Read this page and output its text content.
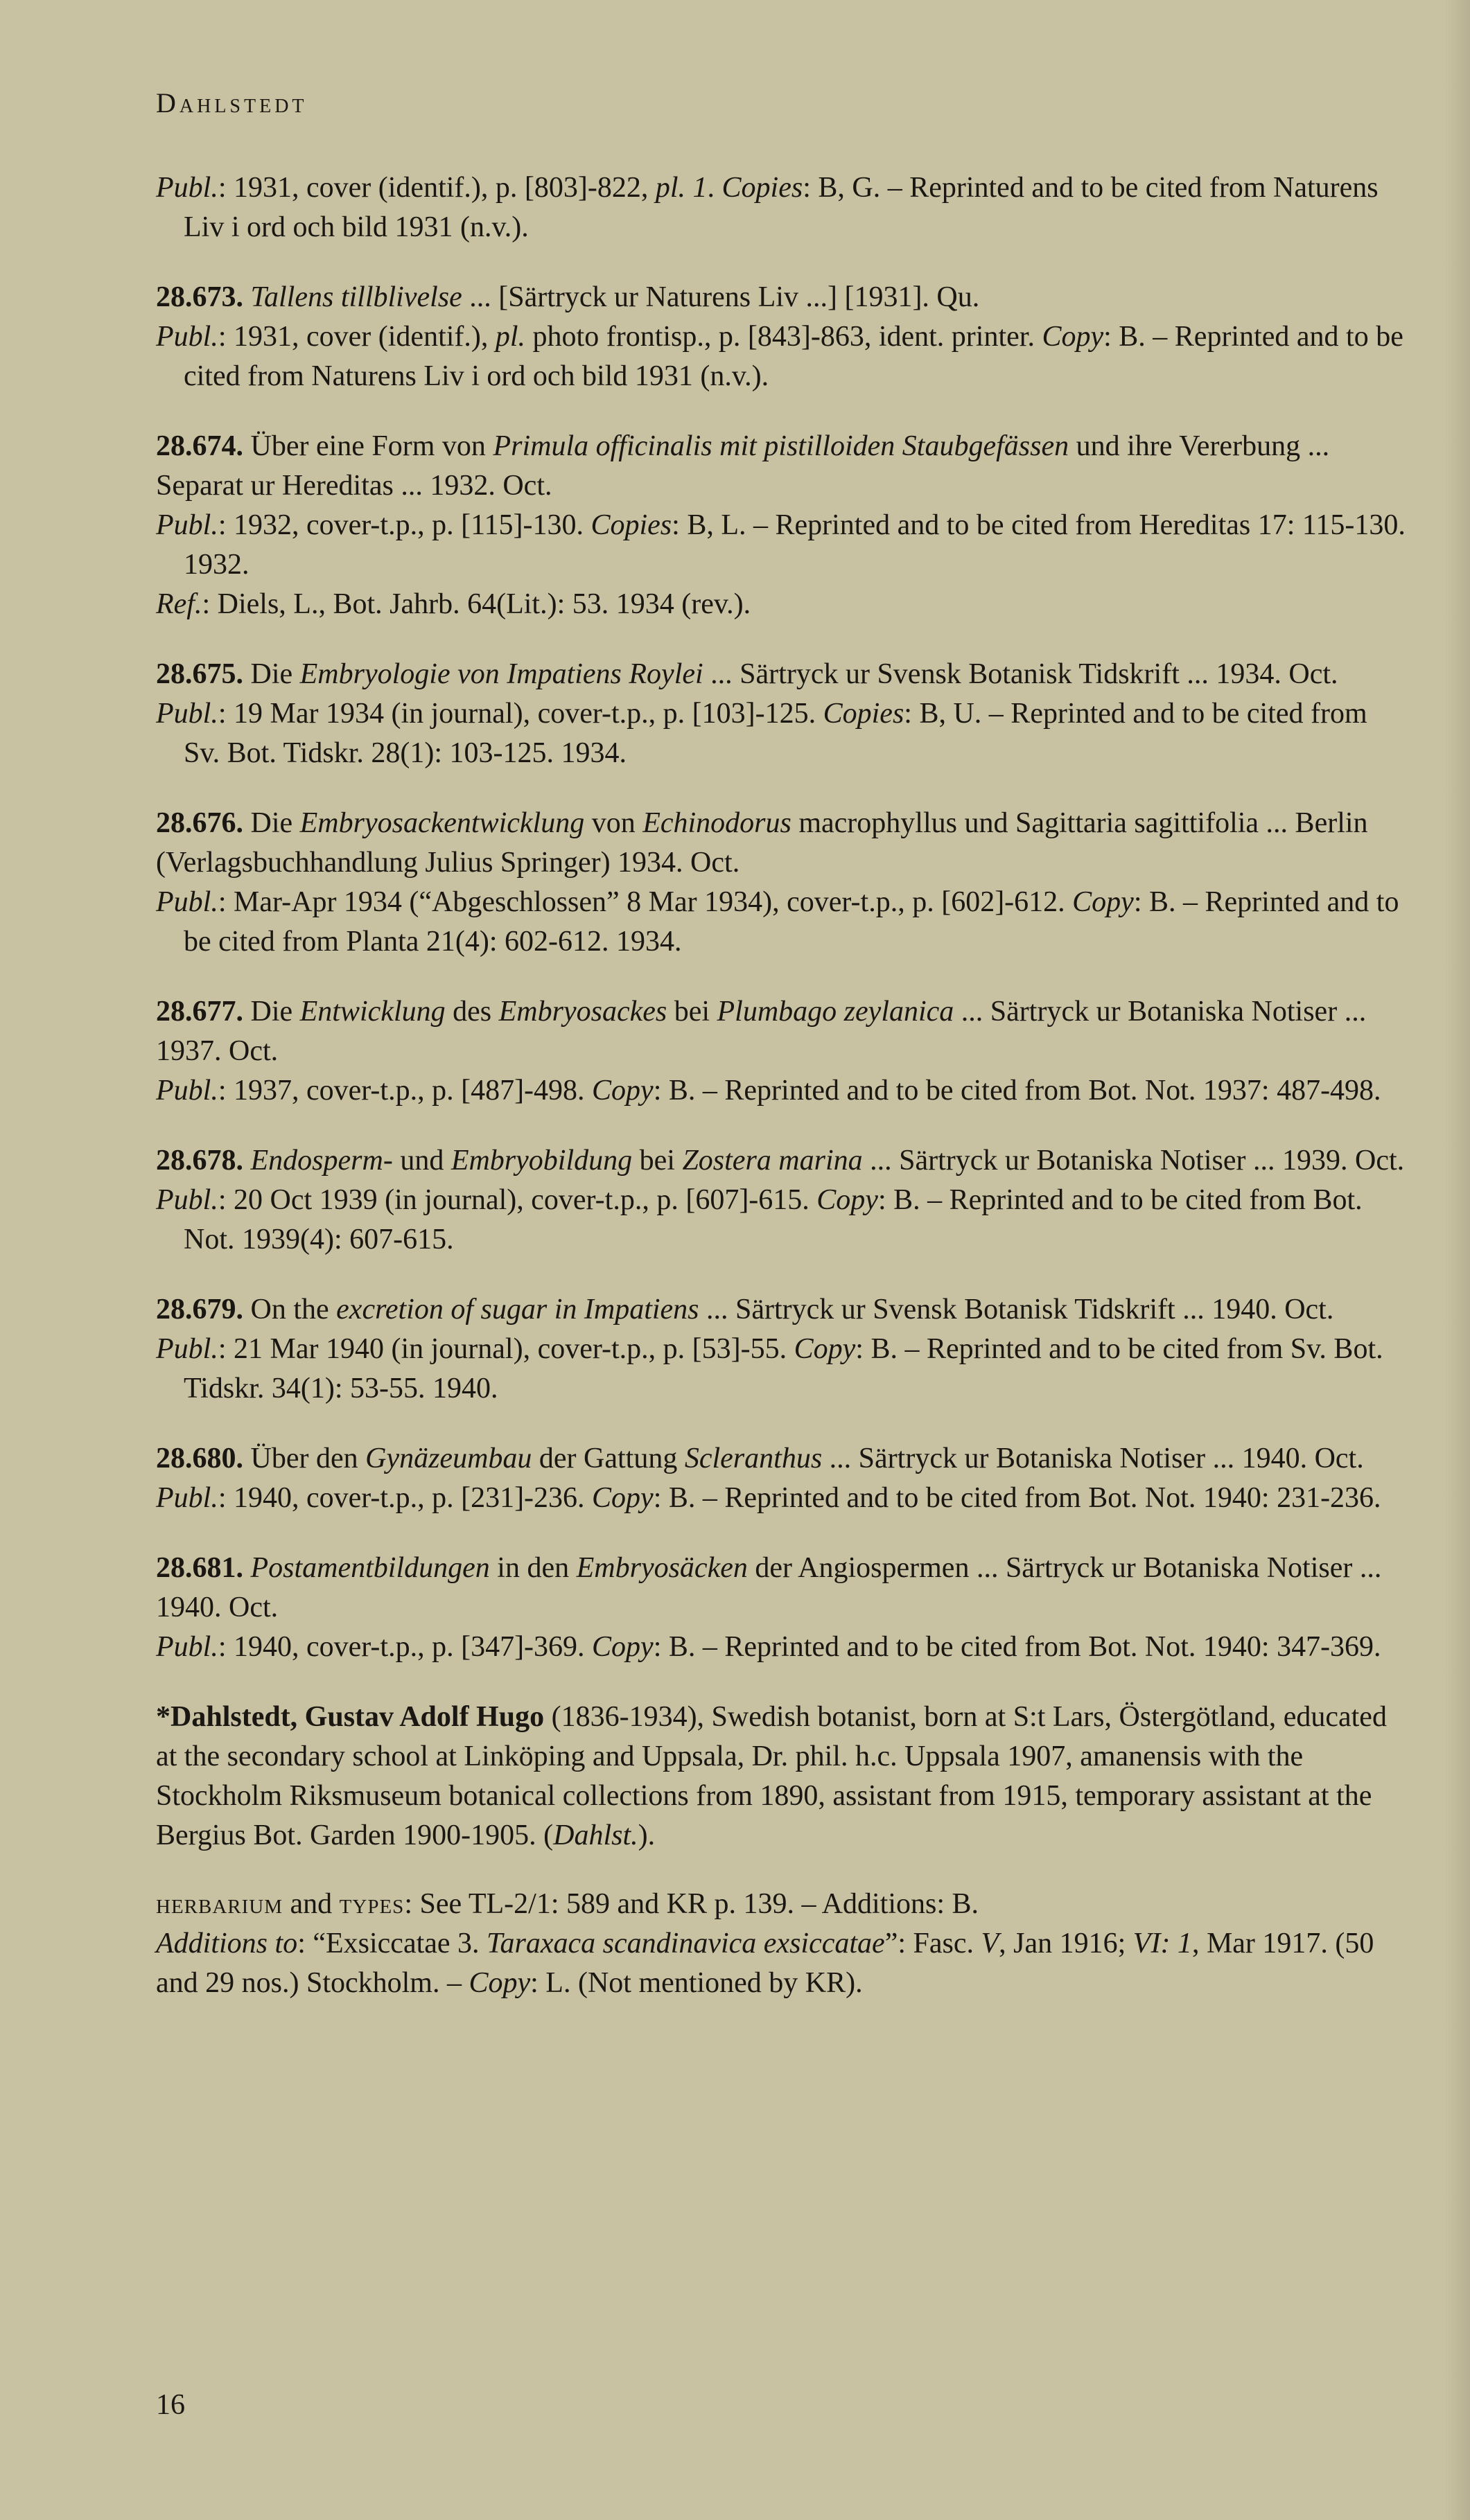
Dahlstedt

Publ.: 1931, cover (identif.), p. [803]-822, pl. 1. Copies: B, G. – Reprinted and to be cited from Naturens Liv i ord och bild 1931 (n.v.).

28.673. Tallens tillblivelse ... [Särtryck ur Naturens Liv ...] [1931]. Qu.

Publ.: 1931, cover (identif.), pl. photo frontisp., p. [843]-863, ident. printer. Copy: B. – Reprinted and to be cited from Naturens Liv i ord och bild 1931 (n.v.).

28.674. Über eine Form von Primula officinalis mit pistilloiden Staubgefässen und ihre Vererbung ... Separat ur Hereditas ... 1932. Oct.

Publ.: 1932, cover-t.p., p. [115]-130. Copies: B, L. – Reprinted and to be cited from Hereditas 17: 115-130. 1932.

Ref.: Diels, L., Bot. Jahrb. 64(Lit.): 53. 1934 (rev.).

28.675. Die Embryologie von Impatiens Roylei ... Särtryck ur Svensk Botanisk Tidskrift ... 1934. Oct.

Publ.: 19 Mar 1934 (in journal), cover-t.p., p. [103]-125. Copies: B, U. – Reprinted and to be cited from Sv. Bot. Tidskr. 28(1): 103-125. 1934.

28.676. Die Embryosackentwicklung von Echinodorus macrophyllus und Sagittaria sagittifolia ... Berlin (Verlagsbuchhandlung Julius Springer) 1934. Oct.

Publ.: Mar-Apr 1934 (“Abgeschlossen” 8 Mar 1934), cover-t.p., p. [602]-612. Copy: B. – Reprinted and to be cited from Planta 21(4): 602-612. 1934.

28.677. Die Entwicklung des Embryosackes bei Plumbago zeylanica ... Särtryck ur Botaniska Notiser ... 1937. Oct.

Publ.: 1937, cover-t.p., p. [487]-498. Copy: B. – Reprinted and to be cited from Bot. Not. 1937: 487-498.

28.678. Endosperm- und Embryobildung bei Zostera marina ... Särtryck ur Botaniska Notiser ... 1939. Oct.

Publ.: 20 Oct 1939 (in journal), cover-t.p., p. [607]-615. Copy: B. – Reprinted and to be cited from Bot. Not. 1939(4): 607-615.

28.679. On the excretion of sugar in Impatiens ... Särtryck ur Svensk Botanisk Tidskrift ... 1940. Oct.

Publ.: 21 Mar 1940 (in journal), cover-t.p., p. [53]-55. Copy: B. – Reprinted and to be cited from Sv. Bot. Tidskr. 34(1): 53-55. 1940.

28.680. Über den Gynäzeumbau der Gattung Scleranthus ... Särtryck ur Botaniska Notiser ... 1940. Oct.

Publ.: 1940, cover-t.p., p. [231]-236. Copy: B. – Reprinted and to be cited from Bot. Not. 1940: 231-236.

28.681. Postamentbildungen in den Embryosäcken der Angiospermen ... Särtryck ur Botaniska Notiser ... 1940. Oct.

Publ.: 1940, cover-t.p., p. [347]-369. Copy: B. – Reprinted and to be cited from Bot. Not. 1940: 347-369.

*Dahlstedt, Gustav Adolf Hugo (1836-1934), Swedish botanist, born at S:t Lars, Östergötland, educated at the secondary school at Linköping and Uppsala, Dr. phil. h.c. Uppsala 1907, amanensis with the Stockholm Riksmuseum botanical collections from 1890, assistant from 1915, temporary assistant at the Bergius Bot. Garden 1900-1905. (Dahlst.).

herbarium and types: See TL-2/1: 589 and KR p. 139. – Additions: B.

Additions to: “Exsiccatae 3. Taraxaca scandinavica exsiccatae”: Fasc. V, Jan 1916; VI: 1, Mar 1917. (50 and 29 nos.) Stockholm. – Copy: L. (Not mentioned by KR).

16
